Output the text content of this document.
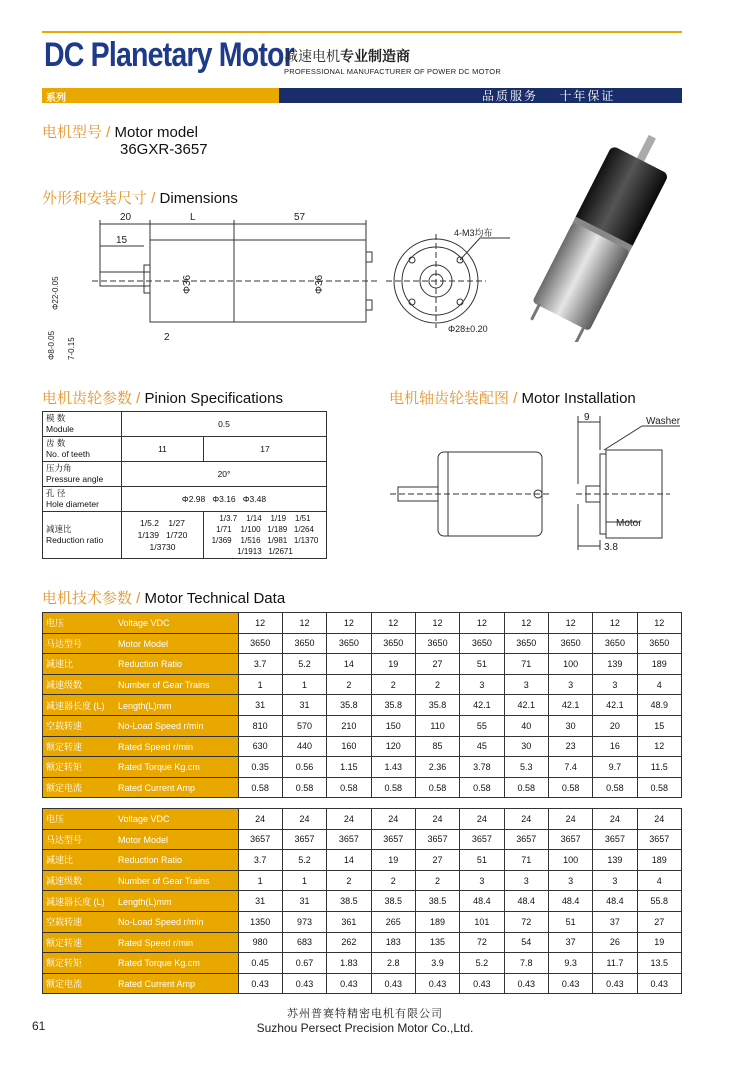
DC Planetary Motor
减速电机专业制造商
PROFESSIONAL MANUFACTURER OF POWER DC MOTOR
系列	品质服务    十年保证
电机型号 / Motor model
36GXR-3657
外形和安装尺寸 / Dimensions
20	L	57
15
2
Φ36	Φ36
Φ22-0.05
Φ8-0.05 7-0.15
4-M3均布
Φ28±0.20
电机齿轮参数 / Pinion Specifications
模 数
Module	0.5	
齿 数
No. of teeth	11	17
压力角
Pressure angle	20°	
孔 径
Hole diameter	Φ2.98   Φ3.16   Φ3.48	
减速比
Reduction ratio	1/5.2    1/27
1/139   1/720
1/3730	1/3.7    1/14    1/19    1/51
1/71    1/100   1/189   1/264
1/369    1/516   1/981   1/1370
1/1913   1/2671
电机轴齿轮装配图 / Motor Installation
9	Washer
Motor
3.8
电机技术参数 / Motor Technical Data
电压 Voltage VDC	12	12	12	12	12	12	12	12	12	12
马达型号 Motor Model	3650	3650	3650	3650	3650	3650	3650	3650	3650	3650
减速比 Reduction Ratio	3.7	5.2	14	19	27	51	71	100	139	189
减速级数 Number of Gear Trains	1	1	2	2	2	3	3	3	3	4
减速器长度 (L) Length(L)mm	31	31	35.8	35.8	35.8	42.1	42.1	42.1	42.1	48.9
空载转速 No-Load Speed r/min	810	570	210	150	110	55	40	30	20	15
额定转速 Rated Speed r/min	630	440	160	120	85	45	30	23	16	12
额定转矩 Rated Torque Kg.cm	0.35	0.56	1.15	1.43	2.36	3.78	5.3	7.4	9.7	11.5
额定电流 Rated Current Amp	0.58	0.58	0.58	0.58	0.58	0.58	0.58	0.58	0.58	0.58
电压 Voltage VDC	24	24	24	24	24	24	24	24	24	24
马达型号 Motor Model	3657	3657	3657	3657	3657	3657	3657	3657	3657	3657
减速比 Reduction Ratio	3.7	5.2	14	19	27	51	71	100	139	189
减速级数 Number of Gear Trains	1	1	2	2	2	3	3	3	3	4
减速器长度 (L) Length(L)mm	31	31	38.5	38.5	38.5	48.4	48.4	48.4	48.4	55.8
空载转速 No-Load Speed r/min	1350	973	361	265	189	101	72	51	37	27
额定转速 Rated Speed r/min	980	683	262	183	135	72	54	37	26	19
额定转矩 Rated Torque Kg.cm	0.45	0.67	1.83	2.8	3.9	5.2	7.8	9.3	11.7	13.5
额定电流 Rated Current Amp	0.43	0.43	0.43	0.43	0.43	0.43	0.43	0.43	0.43	0.43
苏州普赛特精密电机有限公司
Suzhou Persect Precision Motor Co.,Ltd.
61
